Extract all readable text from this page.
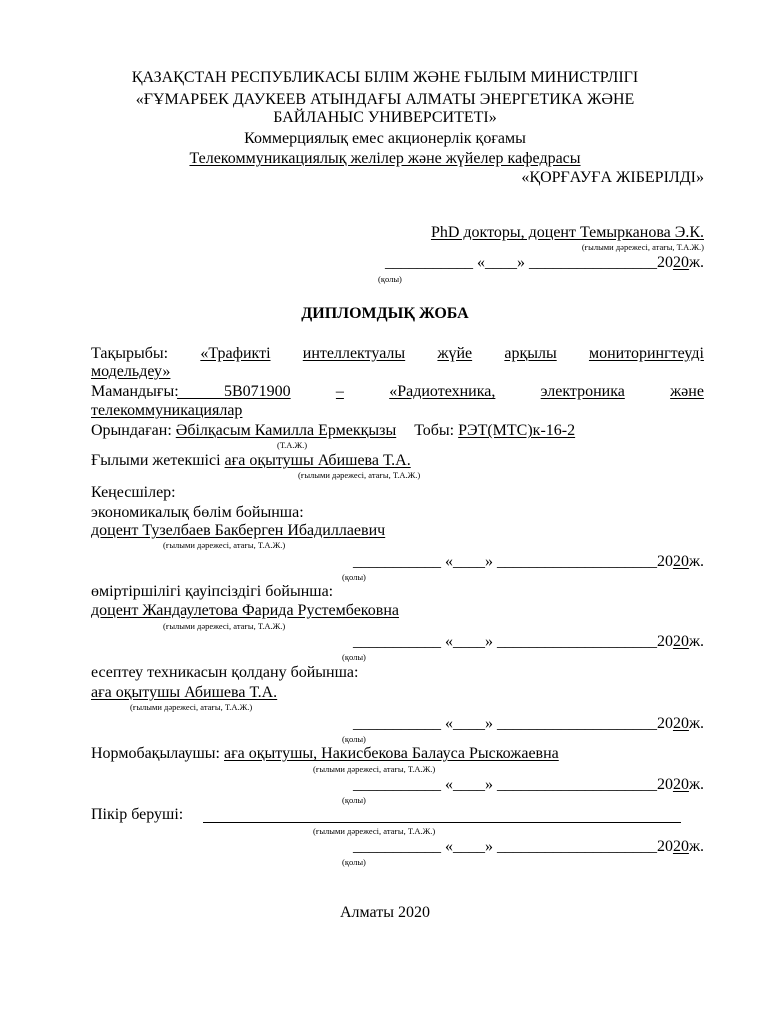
ҚАЗАҚСТАН РЕСПУБЛИКАСЫ БІЛІМ ЖӘНЕ ҒЫЛЫМ МИНИСТРЛІГІ
«ҒҰМАРБЕК ДАУКЕЕВ АТЫНДАҒЫ АЛМАТЫ ЭНЕРГЕТИКА ЖӘНЕ
БАЙЛАНЫС УНИВЕРСИТЕТІ»
Коммерциялық емес акционерлік қоғамы
Телекоммуникациялық желілер және жүйелер кафедрасы
«ҚОРҒАУҒА ЖІБЕРІЛДІ»
PhD докторы, доцент Темырканова Э.К.
(ғылыми дәрежесі, атағы, Т.А.Ж.)
___________ «____» ________________2020ж.
(қолы)
ДИПЛОМДЫҚ ЖОБА
Тақырыбы: «Трафикті интеллектуалы жүйе арқылы мониторингтеуді
модельдеу»
Мамандығы:	5В071900	–	«Радиотехника,	электроника	және
телекоммуникациялар
Орындаған: Әбілқасым Камилла Ермекқызы Тобы: РЭТ(МТС)к-16-2
(Т.А.Ж.)
Ғылыми жетекшісі аға оқытушы Абишева Т.А.
(ғылыми дәрежесі, атағы, Т.А.Ж.)
Кеңесшілер:
экономикалық бөлім бойынша:
доцент Тузелбаев Бакберген Ибадиллаевич
(ғылыми дәрежесі, атағы, Т.А.Ж.)
___________ «____» ____________________2020ж.
(қолы)
өміртіршілігі қауіпсіздігі бойынша:
доцент Жандаулетова Фарида Рустембековна
(ғылыми дәрежесі, атағы, Т.А.Ж.)
___________ «____» ____________________2020ж.
(қолы)
есептеу техникасын қолдану бойынша:
аға оқытушы Абишева Т.А.
(ғылыми дәрежесі, атағы, Т.А.Ж.)
___________ «____» ____________________2020ж.
(қолы)
Нормобақылаушы: аға оқытушы, Накисбекова Балауса Рыскожаевна
(ғылыми дәрежесі, атағы, Т.А.Ж.)
___________ «____» ____________________2020ж.
(қолы)
Пікір беруші:
(ғылыми дәрежесі, атағы, Т.А.Ж.)
___________ «____» ____________________2020ж.
(қолы)
Алматы 2020
